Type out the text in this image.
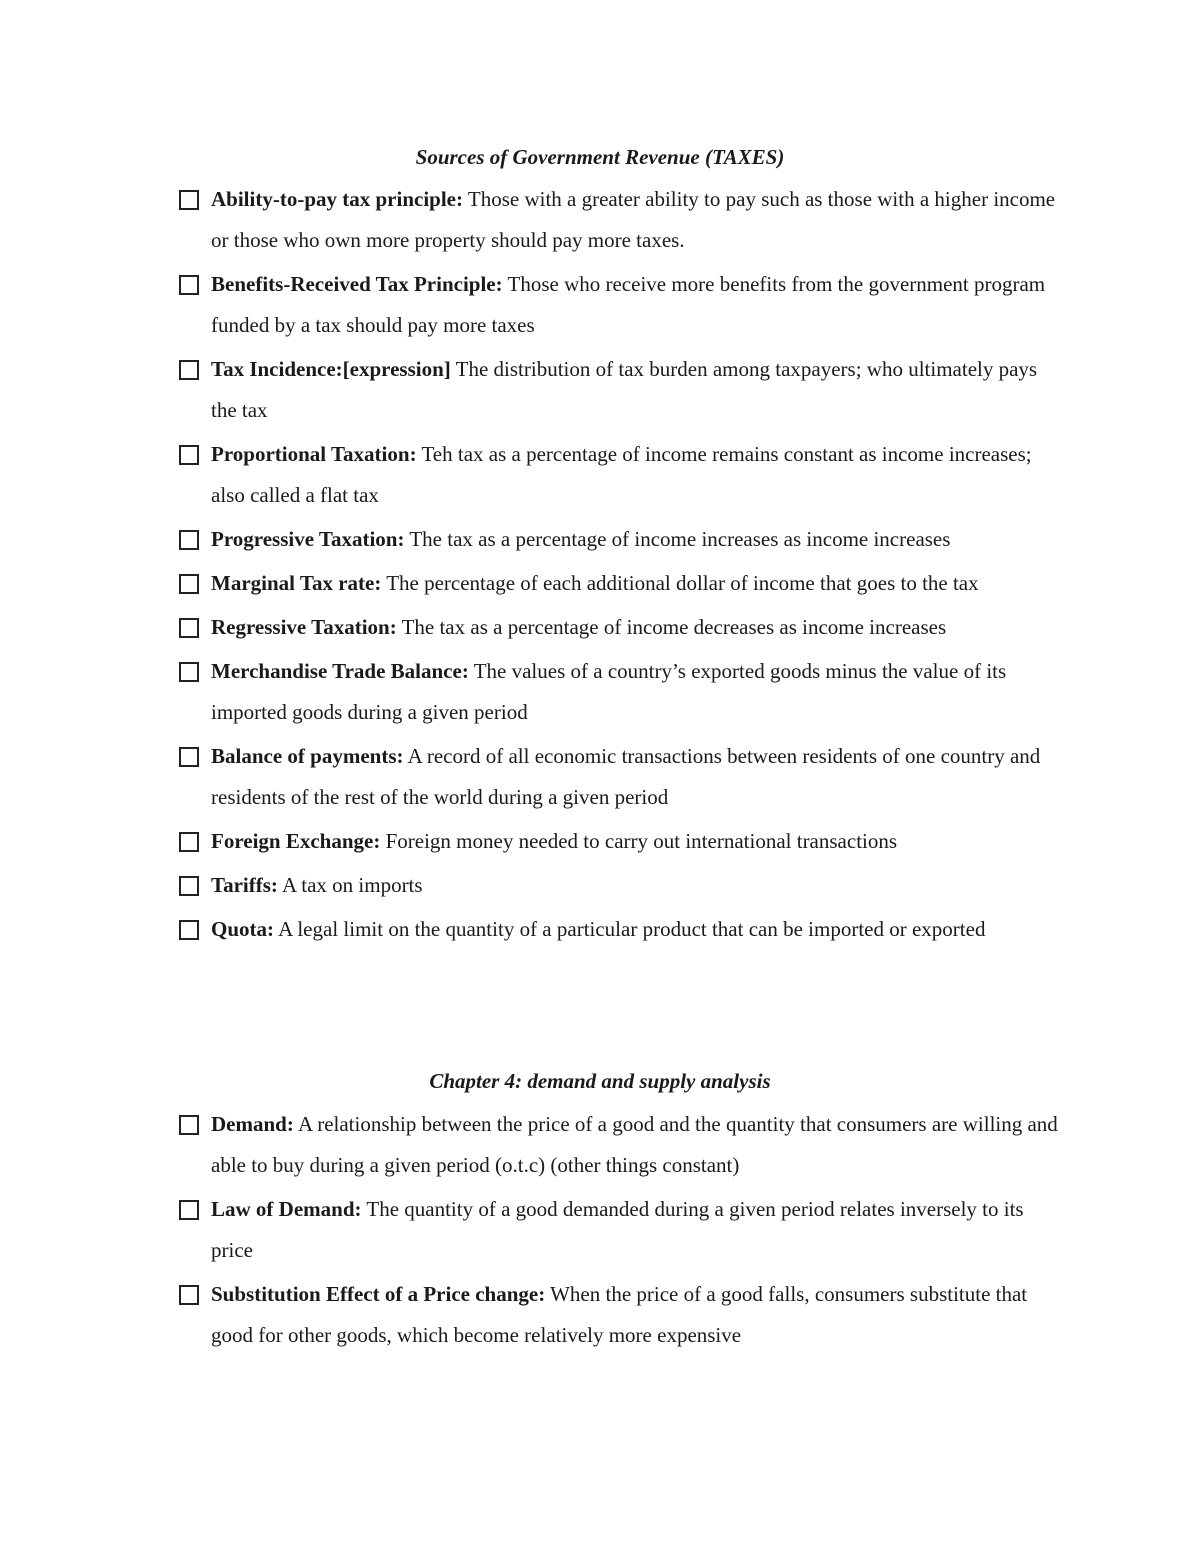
Sources of Government Revenue (TAXES)
Ability-to-pay tax principle: Those with a greater ability to pay such as those with a higher income or those who own more property should pay more taxes.
Benefits-Received Tax Principle: Those who receive more benefits from the government program funded by a tax should pay more taxes
Tax Incidence:[expression] The distribution of tax burden among taxpayers; who ultimately pays the tax
Proportional Taxation: Teh tax as a percentage of income remains constant as income increases; also called a flat tax
Progressive Taxation: The tax as a percentage of income increases as income increases
Marginal Tax rate: The percentage of each additional dollar of income that goes to the tax
Regressive Taxation: The tax as a percentage of income decreases as income increases
Merchandise Trade Balance: The values of a country’s exported goods minus the value of its imported goods during a given period
Balance of payments: A record of all economic transactions between residents of one country and residents of the rest of the world during a given period
Foreign Exchange: Foreign money needed to carry out international transactions
Tariffs: A tax on imports
Quota: A legal limit on the quantity of a particular product that can be imported or exported
Chapter 4: demand and supply analysis
Demand: A relationship between the price of a good and the quantity that consumers are willing and able to buy during a given period (o.t.c) (other things constant)
Law of Demand: The quantity of a good demanded during a given period relates inversely to its price
Substitution Effect of a Price change: When the price of a good falls, consumers substitute that good for other goods, which become relatively more expensive
